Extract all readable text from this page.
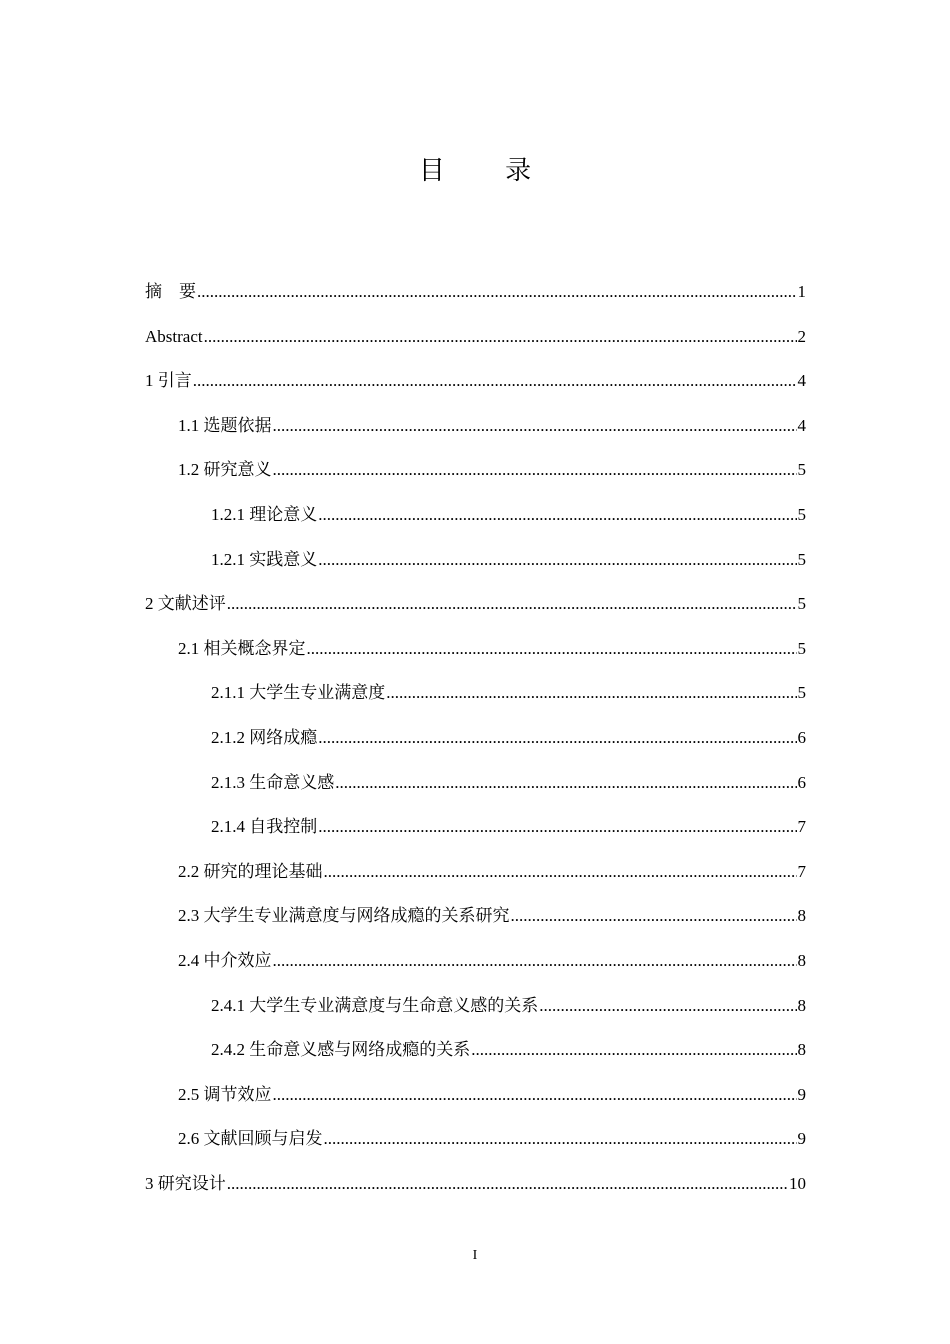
目 录
摘    要 .....	1
Abstract .....	2
1 引言 .....	4
1.1 选题依据 .....	4
1.2 研究意义 .....	5
1.2.1 理论意义 .....	5
1.2.1 实践意义 .....	5
2 文献述评 .....	5
2.1 相关概念界定 .....	5
2.1.1 大学生专业满意度 .....	5
2.1.2 网络成瘾 .....	6
2.1.3 生命意义感 .....	6
2.1.4 自我控制 .....	7
2.2 研究的理论基础 .....	7
2.3 大学生专业满意度与网络成瘾的关系研究 .....	8
2.4 中介效应 .....	8
2.4.1 大学生专业满意度与生命意义感的关系 .....	8
2.4.2 生命意义感与网络成瘾的关系 .....	8
2.5 调节效应 .....	9
2.6 文献回顾与启发 .....	9
3 研究设计 .....	10
I
